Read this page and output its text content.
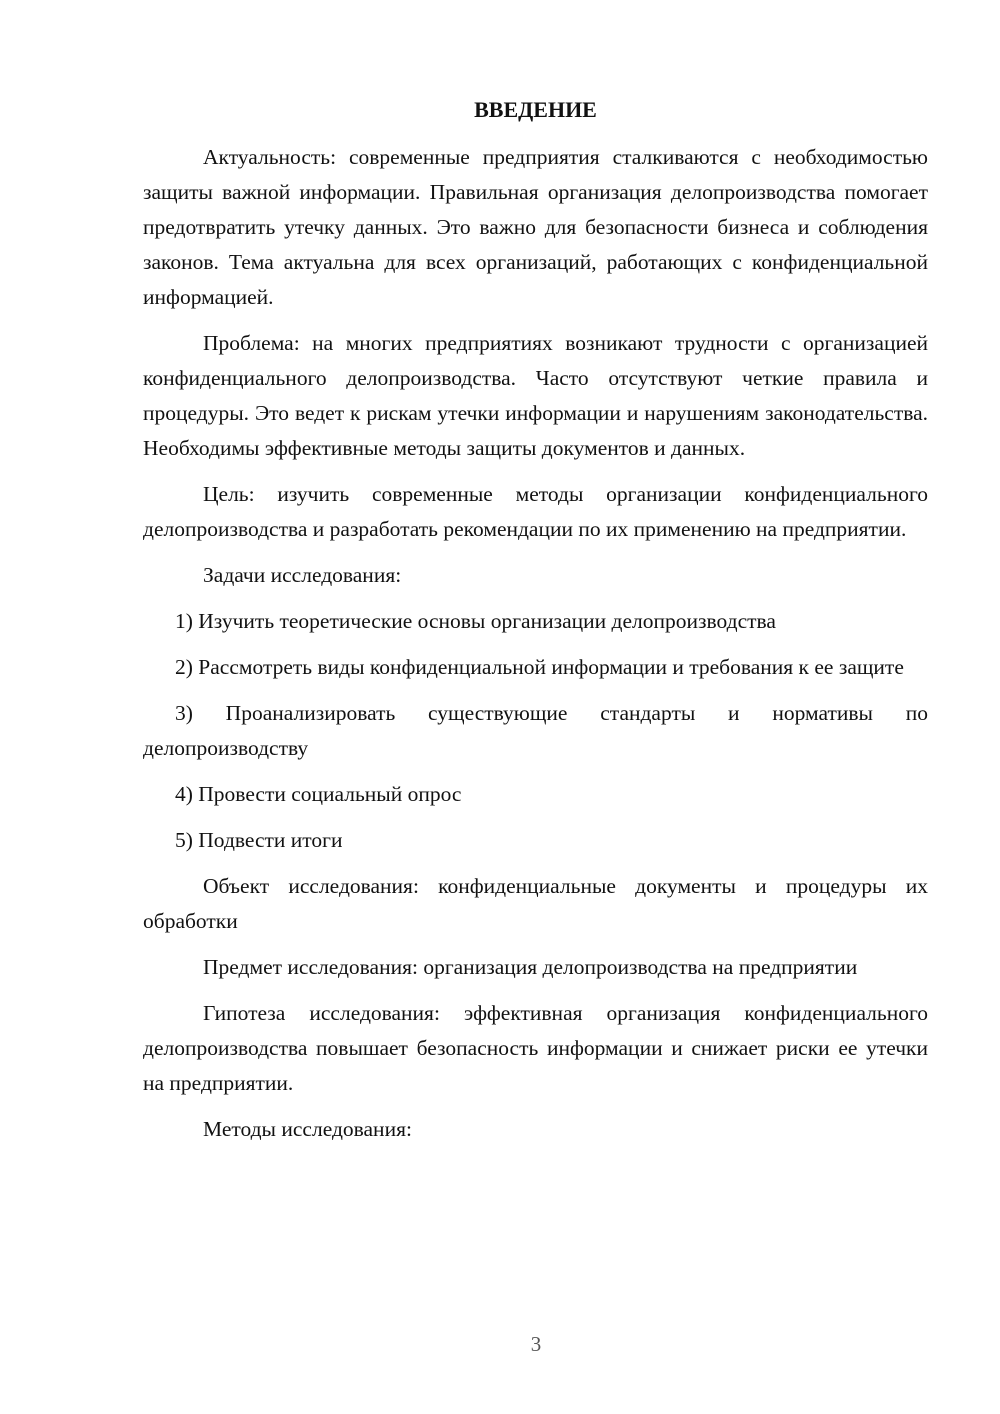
ВВЕДЕНИЕ

Актуальность: современные предприятия сталкиваются с необходимостью защиты важной информации. Правильная организация делопроизводства помогает предотвратить утечку данных. Это важно для безопасности бизнеса и соблюдения законов. Тема актуальна для всех организаций, работающих с конфиденциальной информацией.

Проблема: на многих предприятиях возникают трудности с организацией конфиденциального делопроизводства. Часто отсутствуют четкие правила и процедуры. Это ведет к рискам утечки информации и нарушениям законодательства. Необходимы эффективные методы защиты документов и данных.

Цель: изучить современные методы организации конфиденциального делопроизводства и разработать рекомендации по их применению на предприятии.

Задачи исследования:

1) Изучить теоретические основы организации делопроизводства

2) Рассмотреть виды конфиденциальной информации и требования к ее защите

3) Проанализировать существующие стандарты и нормативы по делопроизводству

4) Провести социальный опрос

5) Подвести итоги

Объект исследования: конфиденциальные документы и процедуры их обработки

Предмет исследования: организация делопроизводства на предприятии

Гипотеза исследования: эффективная организация конфиденциального делопроизводства повышает безопасность информации и снижает риски ее утечки на предприятии.

Методы исследования:

3
